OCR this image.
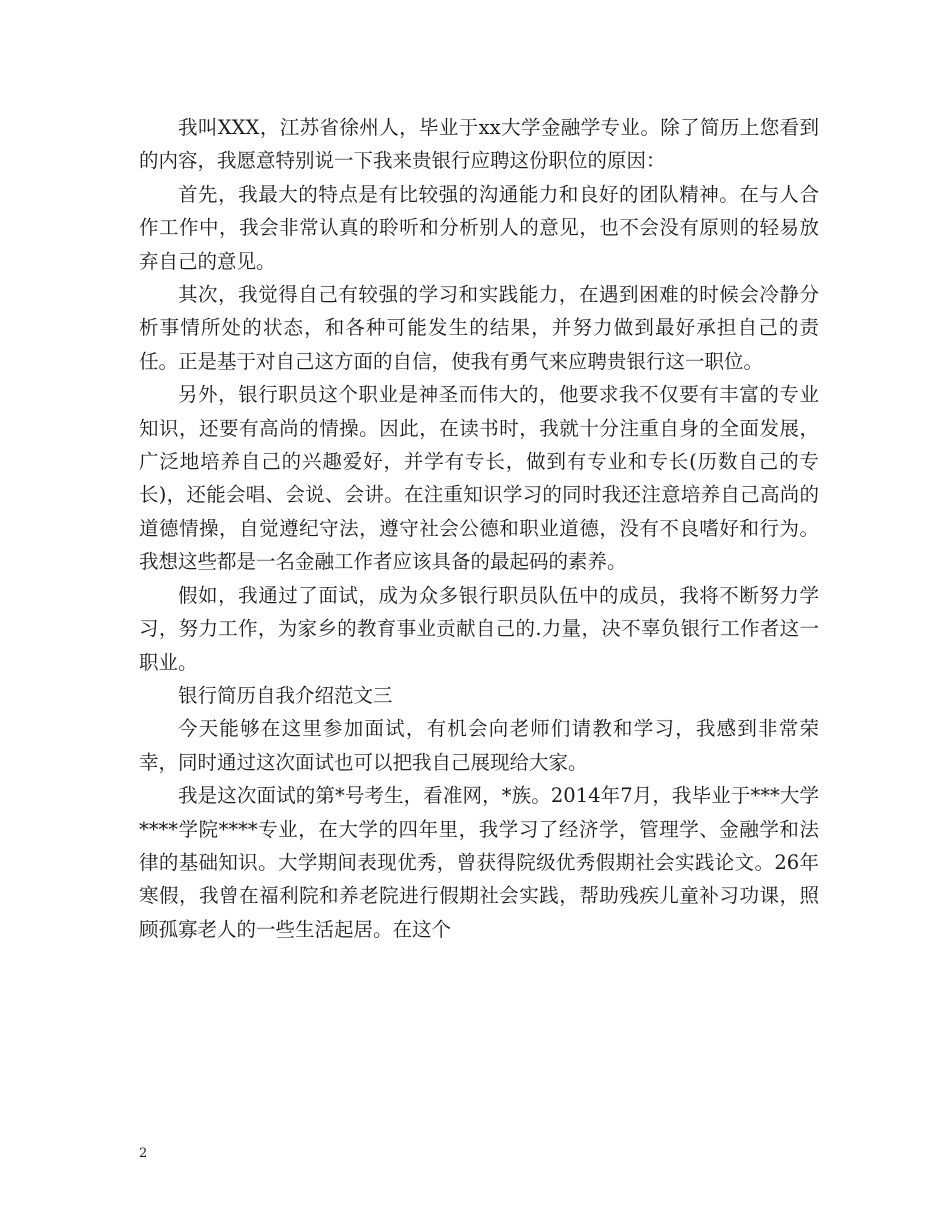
我叫XXX，江苏省徐州人，毕业于xx大学金融学专业。除了简历上您看到的内容，我愿意特别说一下我来贵银行应聘这份职位的原因：

首先，我最大的特点是有比较强的沟通能力和良好的团队精神。在与人合作工作中，我会非常认真的聆听和分析别人的意见，也不会没有原则的轻易放弃自己的意见。

其次，我觉得自己有较强的学习和实践能力，在遇到困难的时候会冷静分析事情所处的状态，和各种可能发生的结果，并努力做到最好承担自己的责任。正是基于对自己这方面的自信，使我有勇气来应聘贵银行这一职位。

另外，银行职员这个职业是神圣而伟大的，他要求我不仅要有丰富的专业知识，还要有高尚的情操。因此，在读书时，我就十分注重自身的全面发展，广泛地培养自己的兴趣爱好，并学有专长，做到有专业和专长(历数自己的专长)，还能会唱、会说、会讲。在注重知识学习的同时我还注意培养自己高尚的道德情操，自觉遵纪守法，遵守社会公德和职业道德，没有不良嗜好和行为。我想这些都是一名金融工作者应该具备的最起码的素养。

假如，我通过了面试，成为众多银行职员队伍中的成员，我将不断努力学习，努力工作，为家乡的教育事业贡献自己的.力量，决不辜负银行工作者这一职业。

银行简历自我介绍范文三

今天能够在这里参加面试，有机会向老师们请教和学习，我感到非常荣幸，同时通过这次面试也可以把我自己展现给大家。

我是这次面试的第*号考生，看准网，*族。2014年7月，我毕业于***大学****学院****专业，在大学的四年里，我学习了经济学，管理学、金融学和法律的基础知识。大学期间表现优秀，曾获得院级优秀假期社会实践论文。26年寒假，我曾在福利院和养老院进行假期社会实践，帮助残疾儿童补习功课，照顾孤寡老人的一些生活起居。在这个

2
